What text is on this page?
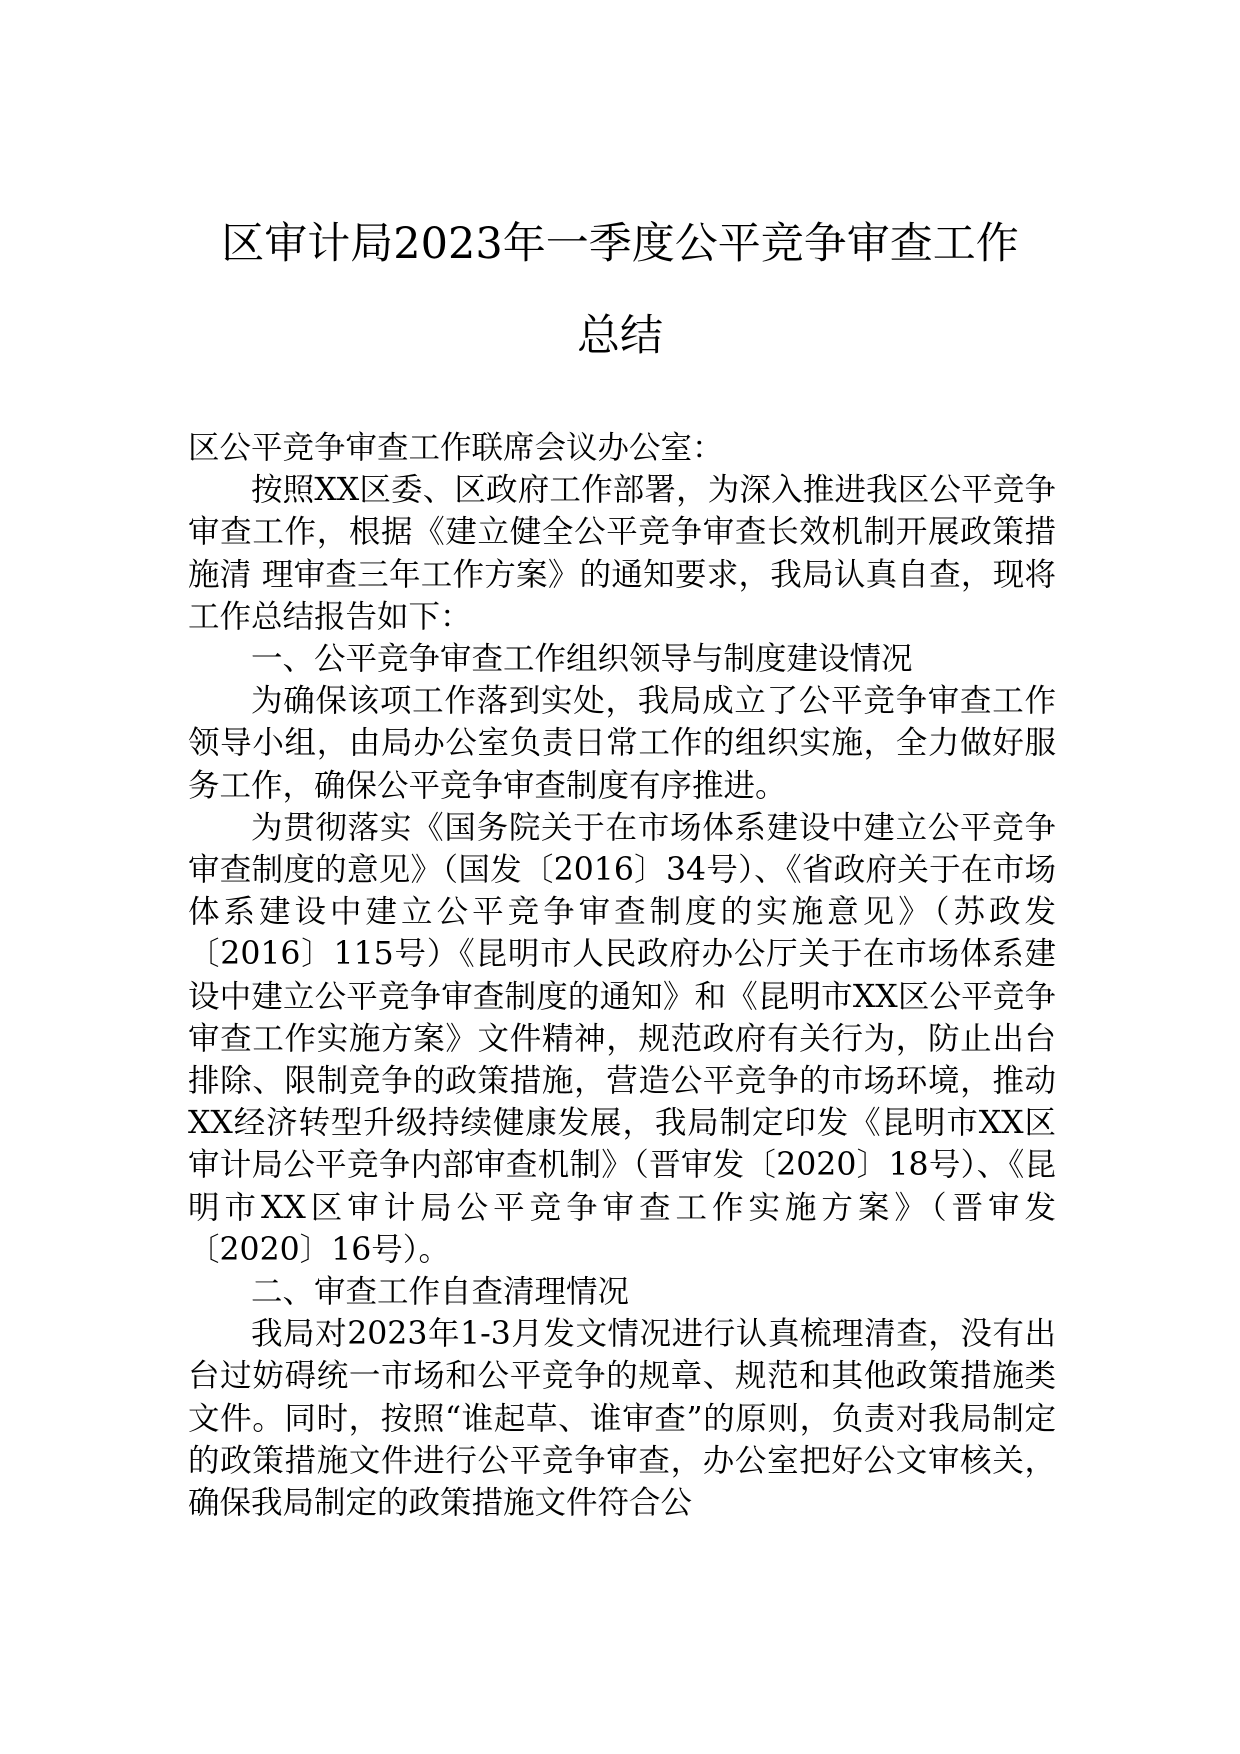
区审计局2023年一季度公平竞争审查工作
总结

区公平竞争审查工作联席会议办公室：

按照XX区委、区政府工作部署，为深入推进我区公平竞争审查工作，根据《建立健全公平竞争审查长效机制开展政策措施清 理审查三年工作方案》的通知要求，我局认真自查，现将工作总结报告如下：

一、公平竞争审查工作组织领导与制度建设情况

为确保该项工作落到实处，我局成立了公平竞争审查工作领导小组，由局办公室负责日常工作的组织实施，全力做好服务工作，确保公平竞争审查制度有序推进。

为贯彻落实《国务院关于在市场体系建设中建立公平竞争审查制度的意见》（国发〔2016〕34号）、《省政府关于在市场体系建设中建立公平竞争审查制度的实施意见》（苏政发〔2016〕115号）《昆明市人民政府办公厅关于在市场体系建设中建立公平竞争审查制度的通知》和《昆明市XX区公平竞争审查工作实施方案》文件精神，规范政府有关行为，防止出台排除、限制竞争的政策措施，营造公平竞争的市场环境，推动XX经济转型升级持续健康发展，我局制定印发《昆明市XX区审计局公平竞争内部审查机制》（晋审发〔2020〕18号）、《昆明市XX区审计局公平竞争审查工作实施方案》（晋审发〔2020〕16号）。

二、审查工作自查清理情况

我局对2023年1-3月发文情况进行认真梳理清查，没有出台过妨碍统一市场和公平竞争的规章、规范和其他政策措施类文件。同时，按照“谁起草、谁审查”的原则，负责对我局制定的政策措施文件进行公平竞争审查，办公室把好公文审核关，确保我局制定的政策措施文件符合公
